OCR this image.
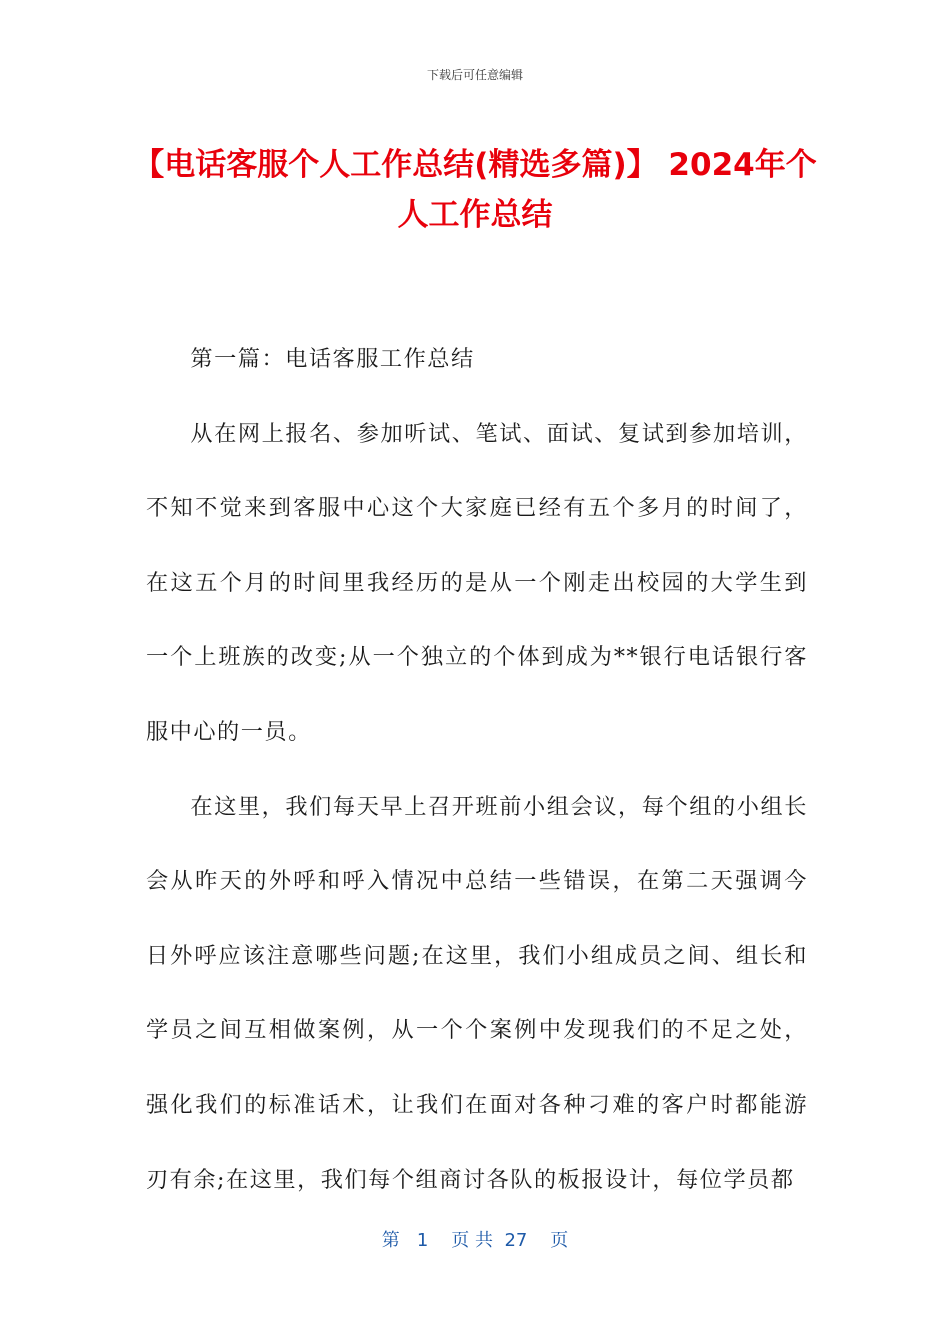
下载后可任意编辑
【电话客服个人工作总结(精选多篇)】 2024年个人工作总结

第一篇：电话客服工作总结

从在网上报名、参加听试、笔试、面试、复试到参加培训，不知不觉来到客服中心这个大家庭已经有五个多月的时间了，在这五个月的时间里我经历的是从一个刚走出校园的大学生到一个上班族的改变;从一个独立的个体到成为**银行电话银行客服中心的一员。

在这里，我们每天早上召开班前小组会议，每个组的小组长会从昨天的外呼和呼入情况中总结一些错误，在第二天强调今日外呼应该注意哪些问题;在这里，我们小组成员之间、组长和学员之间互相做案例，从一个个案例中发现我们的不足之处，强化我们的标准话术，让我们在面对各种刁难的客户时都能游刃有余;在这里，我们每个组商讨各队的板报设计，每位学员都

第 1 页 共 27 页
